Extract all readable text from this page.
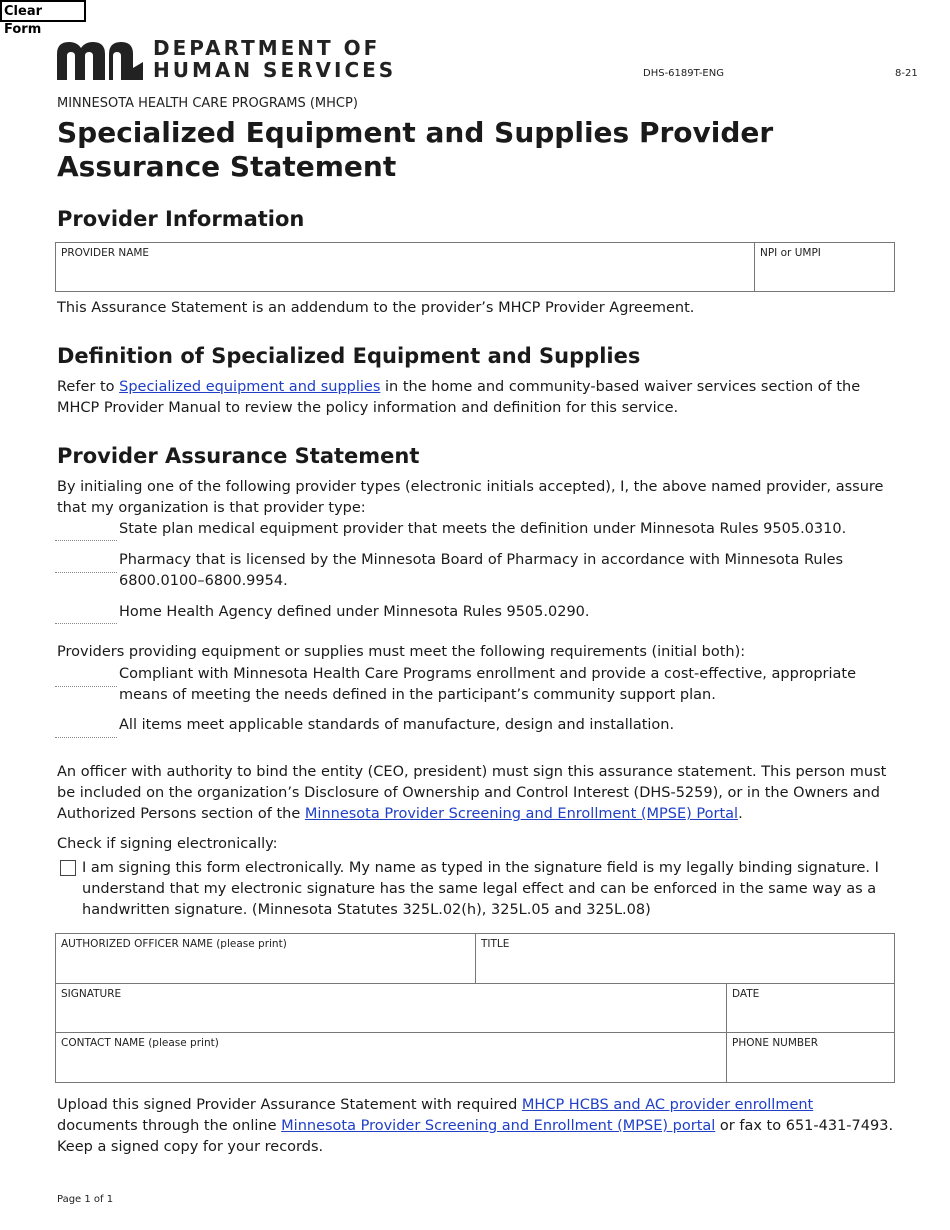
Clear Form
DEPARTMENT OF
HUMAN SERVICES	DHS-6189T-ENG	8-21
MINNESOTA HEALTH CARE PROGRAMS (MHCP)
Specialized Equipment and Supplies Provider
Assurance Statement
Provider Information
PROVIDER NAME	NPI or UMPI

This Assurance Statement is an addendum to the provider’s MHCP Provider Agreement.

Definition of Specialized Equipment and Supplies

Refer to Specialized equipment and supplies in the home and community-based waiver services section of the MHCP Provider Manual to review the policy information and definition for this service.

Provider Assurance Statement

By initialing one of the following provider types (electronic initials accepted), I, the above named provider, assure that my organization is that provider type:

State plan medical equipment provider that meets the definition under Minnesota Rules 9505.0310.

Pharmacy that is licensed by the Minnesota Board of Pharmacy in accordance with Minnesota Rules 6800.0100–6800.9954.

Home Health Agency defined under Minnesota Rules 9505.0290.

Providers providing equipment or supplies must meet the following requirements (initial both):

Compliant with Minnesota Health Care Programs enrollment and provide a cost-effective, appropriate means of meeting the needs defined in the participant’s community support plan.

All items meet applicable standards of manufacture, design and installation.

An officer with authority to bind the entity (CEO, president) must sign this assurance statement. This person must be included on the organization’s Disclosure of Ownership and Control Interest (DHS-5259), or in the Owners and Authorized Persons section of the Minnesota Provider Screening and Enrollment (MPSE) Portal.

Check if signing electronically:

I am signing this form electronically. My name as typed in the signature field is my legally binding signature. I understand that my electronic signature has the same legal effect and can be enforced in the same way as a handwritten signature. (Minnesota Statutes 325L.02(h), 325L.05 and 325L.08)

AUTHORIZED OFFICER NAME (please print)	TITLE
SIGNATURE	DATE
CONTACT NAME (please print)	PHONE NUMBER

Upload this signed Provider Assurance Statement with required MHCP HCBS and AC provider enrollment documents through the online Minnesota Provider Screening and Enrollment (MPSE) portal or fax to 651-431-7493. Keep a signed copy for your records.

Page 1 of 1
